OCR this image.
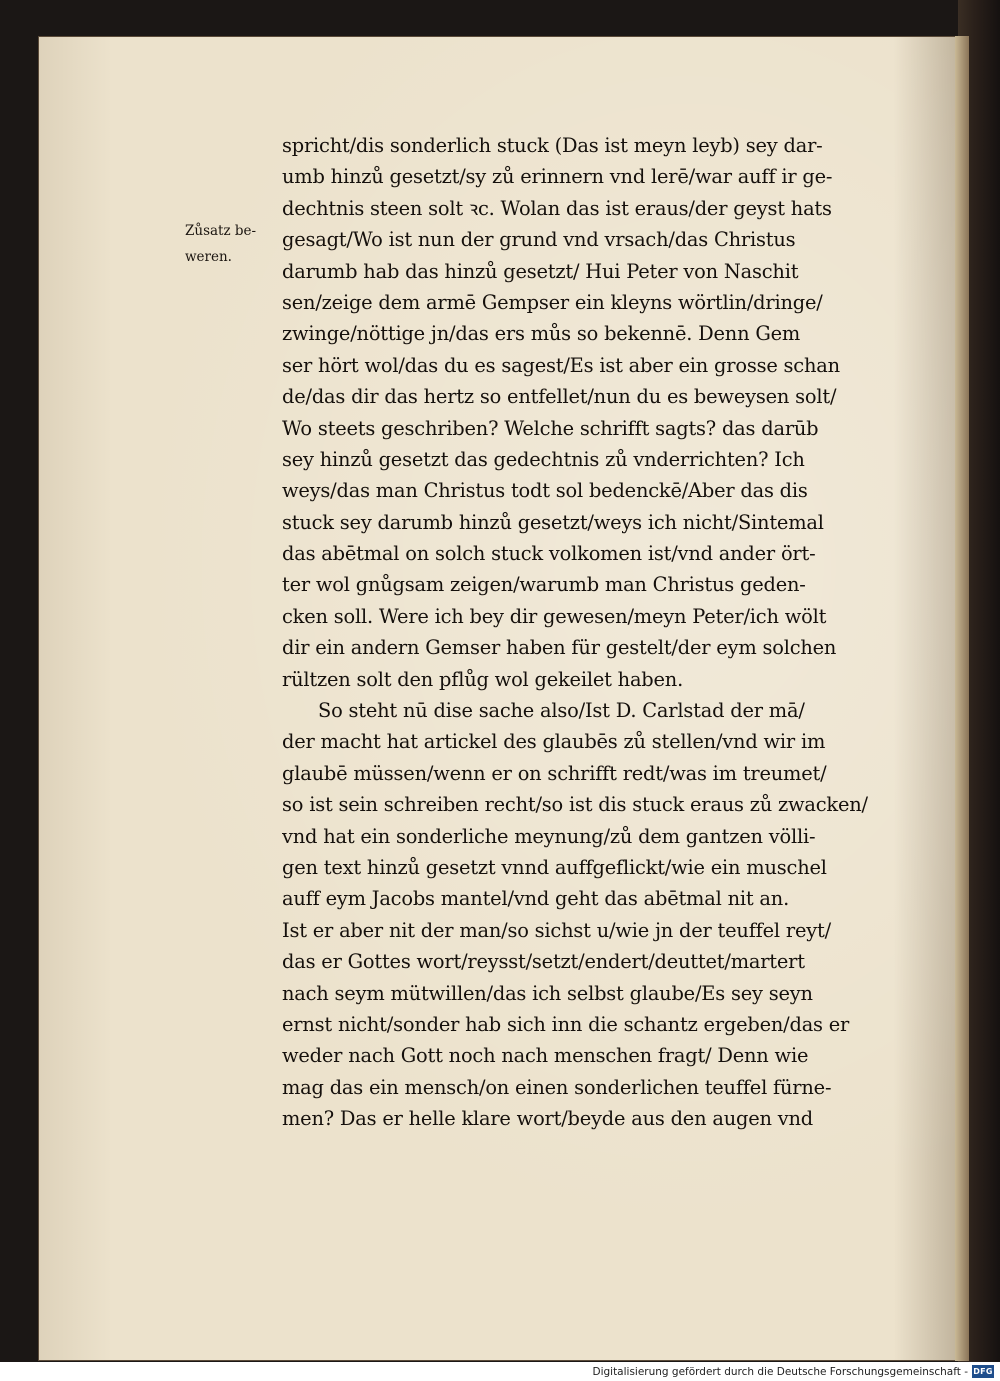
Zůsatz be-
weren.
spricht/dis sonderlich stuck (Das ist meyn leyb) sey dar-
umb hinzů gesetzt/sy zů erinnern vnd lerē/war auff ir ge-
dechtnis steen solt ꝛc. Wolan das ist eraus/der geyst hats
gesagt/Wo ist nun der grund vnd vrsach/das Christus
darumb hab das hinzů gesetzt/ Hui Peter von Naschit
sen/zeige dem armē Gempser ein kleyns wörtlin/dringe/
zwinge/nöttige jn/das ers můs so bekennē. Denn Gem
ser hört wol/das du es sagest/Es ist aber ein grosse schan
de/das dir das hertz so entfellet/nun du es beweysen solt/
Wo steets geschriben? Welche schrifft sagts? das darūb
sey hinzů gesetzt das gedechtnis zů vnderrichten? Ich
weys/das man Christus todt sol bedenckē/Aber das dis
stuck sey darumb hinzů gesetzt/weys ich nicht/Sintemal
das abētmal on solch stuck volkomen ist/vnd ander ört-
ter wol gnůgsam zeigen/warumb man Christus geden-
cken soll. Were ich bey dir gewesen/meyn Peter/ich wölt
dir ein andern Gemser haben für gestelt/der eym solchen
rültzen solt den pflůg wol gekeilet haben.
So steht nū dise sache also/Ist D. Carlstad der mā/
der macht hat artickel des glaubēs zů stellen/vnd wir im
glaubē müssen/wenn er on schrifft redt/was im treumet/
so ist sein schreiben recht/so ist dis stuck eraus zů zwacken/
vnd hat ein sonderliche meynung/zů dem gantzen völli-
gen text hinzů gesetzt vnnd auffgeflickt/wie ein muschel
auff eym Jacobs mantel/vnd geht das abētmal nit an.
Ist er aber nit der man/so sichst u/wie jn der teuffel reyt/
das er Gottes wort/reysst/setzt/endert/deuttet/martert
nach seym mütwillen/das ich selbst glaube/Es sey seyn
ernst nicht/sonder hab sich inn die schantz ergeben/das er
weder nach Gott noch nach menschen fragt/ Denn wie
mag das ein mensch/on einen sonderlichen teuffel fürne-
men? Das er helle klare wort/beyde aus den augen vnd
Digitalisierung gefördert durch die Deutsche Forschungsgemeinschaft - DFG
